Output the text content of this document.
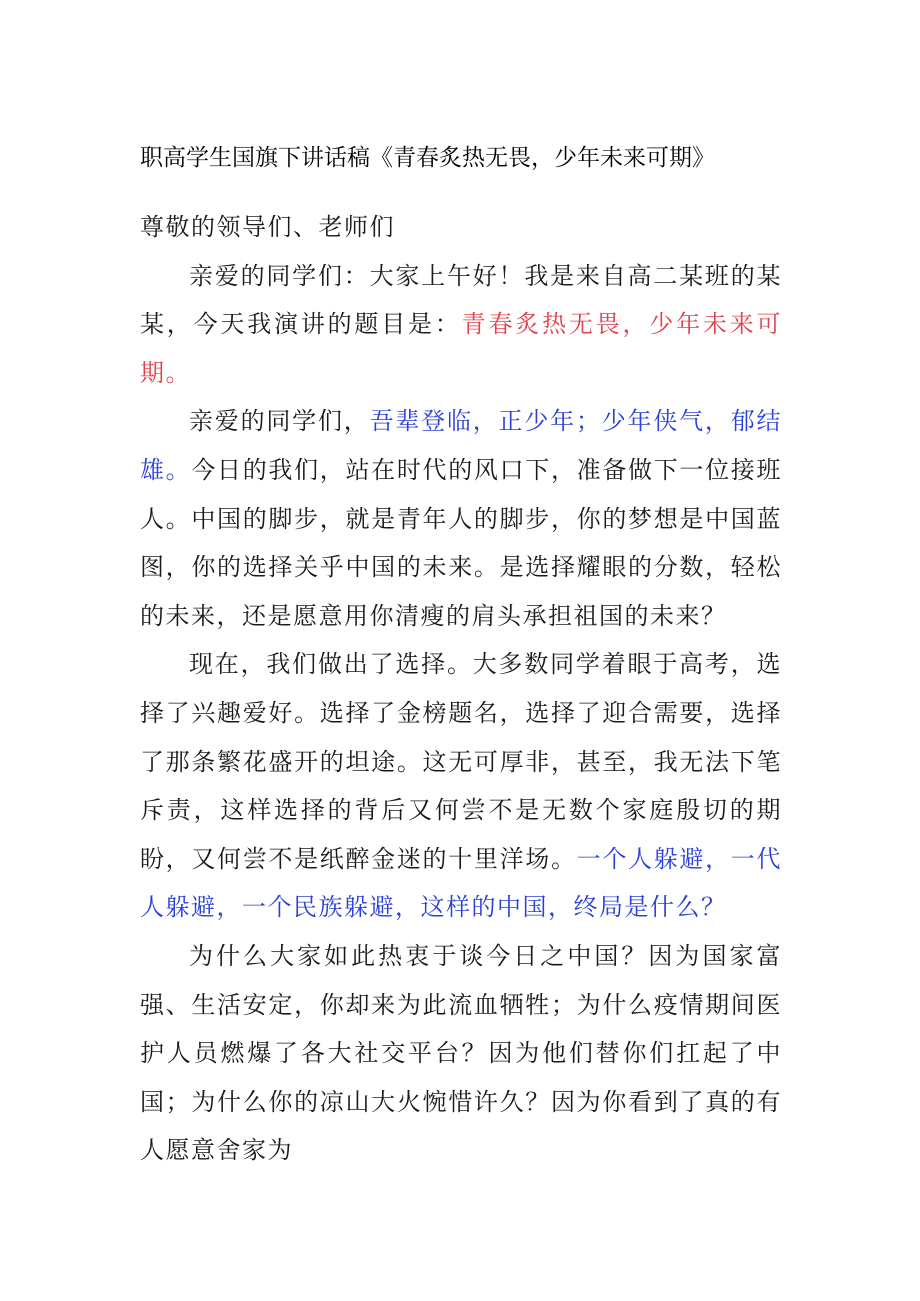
职高学生国旗下讲话稿《青春炙热无畏，少年未来可期》

尊敬的领导们、老师们

亲爱的同学们：大家上午好！我是来自高二某班的某某，今天我演讲的题目是：青春炙热无畏，少年未来可期。

亲爱的同学们，吾辈登临，正少年；少年侠气，郁结雄。今日的我们，站在时代的风口下，准备做下一位接班人。中国的脚步，就是青年人的脚步，你的梦想是中国蓝图，你的选择关乎中国的未来。是选择耀眼的分数，轻松的未来，还是愿意用你清瘦的肩头承担祖国的未来？

现在，我们做出了选择。大多数同学着眼于高考，选择了兴趣爱好。选择了金榜题名，选择了迎合需要，选择了那条繁花盛开的坦途。这无可厚非，甚至，我无法下笔斥责，这样选择的背后又何尝不是无数个家庭殷切的期盼，又何尝不是纸醉金迷的十里洋场。一个人躲避，一代人躲避，一个民族躲避，这样的中国，终局是什么？

为什么大家如此热衷于谈今日之中国？因为国家富强、生活安定，你却来为此流血牺牲；为什么疫情期间医护人员燃爆了各大社交平台？因为他们替你们扛起了中国；为什么你的凉山大火惋惜许久？因为你看到了真的有人愿意舍家为
